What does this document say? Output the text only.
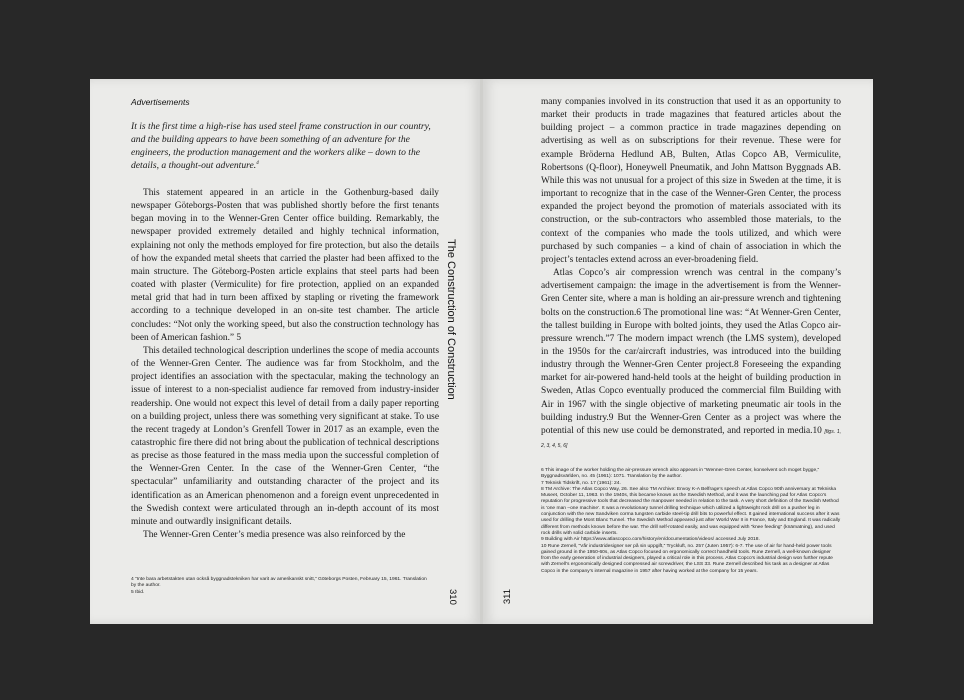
Advertisements

It is the first time a high-rise has used steel frame construction in our country, and the building appears to have been something of an adventure for the engineers, the production management and the workers alike – down to the details, a thought-out adventure.$^4$

This statement appeared in an article in the Gothenburg-based daily newspaper Göteborgs-Posten that was published shortly before the first tenants began moving in to the Wenner-Gren Center office building. Remarkably, the newspaper provided extremely detailed and highly technical information, explaining not only the methods employed for fire protection, but also the details of how the expanded metal sheets that carried the plaster had been affixed to the main structure. The Göteborg-Posten article explains that steel parts had been coated with plaster (Vermiculite) for fire protection, applied on an expanded metal grid that had in turn been affixed by stapling or riveting the framework according to a technique developed in an on-site test chamber. The article concludes: “Not only the working speed, but also the construction technology has been of American fashion.” 5

This detailed technological description underlines the scope of media accounts of the Wenner-Gren Center. The audience was far from Stockholm, and the project identifies an association with the spectacular, making the technology an issue of interest to a non-specialist audience far removed from industry-insider readership. One would not expect this level of detail from a daily paper reporting on a building project, unless there was something very significant at stake. To use the recent tragedy at London’s Grenfell Tower in 2017 as an example, even the catastrophic fire there did not bring about the publication of technical descriptions as precise as those featured in the mass media upon the successful completion of the Wenner-Gren Center. In the case of the Wenner-Gren Center, “the spectacular” unfamiliarity and outstanding character of the project and its identification as an American phenomenon and a foreign event unprecedented in the Swedish context were articulated through an in-depth account of its most minute and outwardly insignificant details.

The Wenner-Gren Center’s media presence was also reinforced by the

4 “Inte bara arbetstakten utan också byggnadstekniken har varit av amerikanskt snitt,” Göteborgs Posten, February 15, 1961. Translation by the author.
5 Ibid.
The Construction of Construction
310

many companies involved in its construction that used it as an opportunity to market their products in trade magazines that featured articles about the building project – a common practice in trade magazines depending on advertising as well as on subscriptions for their revenue. These were for example Bröderna Hedlund AB, Bulten, Atlas Copco AB, Vermiculite, Robertsons (Q-floor), Honeywell Pneumatik, and John Mattson Byggnads AB. While this was not unusual for a project of this size in Sweden at the time, it is important to recognize that in the case of the Wenner-Gren Center, the process expanded the project beyond the promotion of materials associated with its construction, or the sub-contractors who assembled those materials, to the context of the companies who made the tools utilized, and which were purchased by such companies – a kind of chain of association in which the project’s tentacles extend across an ever-broadening field.

Atlas Copco’s air compression wrench was central in the company’s advertisement campaign: the image in the advertisement is from the Wenner-Gren Center site, where a man is holding an air-pressure wrench and tightening bolts on the construction.6 The promotional line was: “At Wenner-Gren Center, the tallest building in Europe with bolted joints, they used the Atlas Copco air-pressure wrench.”7 The modern impact wrench (the LMS system), developed in the 1950s for the car/aircraft industries, was introduced into the building industry through the Wenner-Gren Center project.8 Foreseeing the expanding market for air-powered hand-held tools at the height of building production in Sweden, Atlas Copco eventually produced the commercial film Building with Air in 1967 with the single objective of marketing pneumatic air tools in the building industry.9 But the Wenner-Gren Center as a project was where the potential of this new use could be demonstrated, and reported in media.10 [figs. 1, 2, 3, 4, 5, 6]

6 This image of the worker holding the air-pressure wrench also appears in “Wenner-Gren Center, konselvent och moget bygge,” Byggnadsvärlden, no. 45 (1961): 1071. Translation by the author.
7 Teknisk Tidskrift, no. 17 (1961): 24.
8 TM Archive: The Atlas Copco Way, 26. See also TM Archive: Envoy K-A Belfrage’s speech at Atlas Copco 90th anniversary at Tekniska Museet, October 11, 1963. In the 1940s, this became known as the Swedish Method, and it was the launching pad for Atlas Copco’s reputation for progressive tools that decreased the manpower needed in relation to the task. A very short definition of the Swedish Method is ‘one man –one machine’. It was a revolutionary tunnel drilling technique which utilized a lightweight rock drill on a pusher leg in conjunction with the new Sandviken corma tungsten carbide steel-tip drill bits to powerful effect. It gained international success after it was used for drilling the Mont Blanc Tunnel. The Swedish Method appeared just after World War II in France, Italy and England. It was radically different from methods known before the war. The drill self-rotated easily, and was equipped with “knee feeding” (knämatning), and used rock drills with solid carbide inserts.
9 Building with Air https://www.atlascopco.com/history/en/documentation/videos/ accessed July 2018.
10 Rune Zernell, “Vår industridesigner ser på sin uppgift,” Tryckluft, no. 257 (Juten 1957): 6-7. The use of air for hand-held power tools gained ground in the 1950-60s, as Atlas Copco focused on ergonomically correct handheld tools. Rune Zernell, a well-known designer from the early generation of industrial designers, played a critical role in this process. Atlas Copco’s industrial design won further repute with Zernell’s ergonomically designed compressed air screwdriver, the LSS 33. Rune Zernell described his task as a designer at Atlas Copco in the company’s internal magazine in 1957 after having worked at the company for 15 years.
311
